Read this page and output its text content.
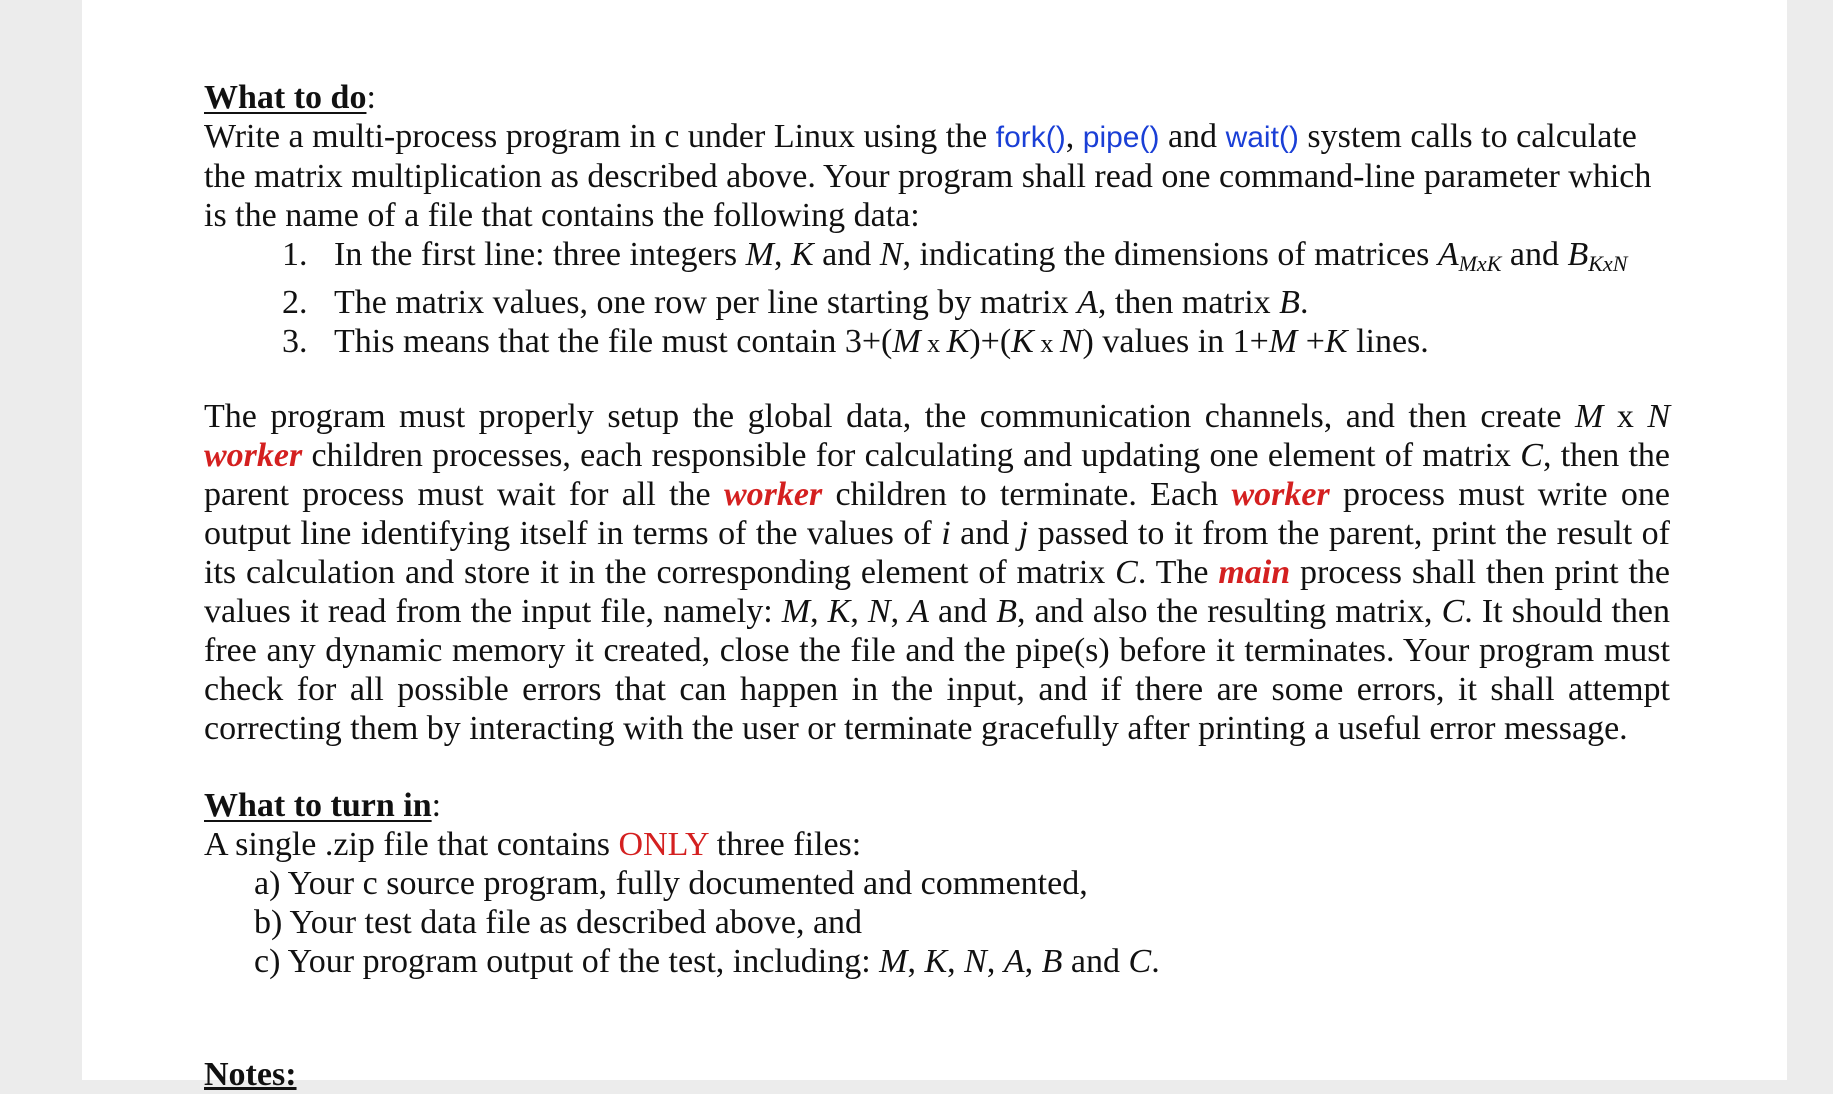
What to do:

Write a multi-process program in c under Linux using the fork(), pipe() and wait() system calls to calculate the matrix multiplication as described above. Your program shall read one command-line parameter which is the name of a file that contains the following data:

1. In the first line: three integers M, K and N, indicating the dimensions of matrices $A_{MxK}$ and $B_{KxN}$
2. The matrix values, one row per line starting by matrix A, then matrix B.
3. This means that the file must contain 3+(M x K)+(K x N) values in 1+M +K lines.

The program must properly setup the global data, the communication channels, and then create M x N worker children processes, each responsible for calculating and updating one element of matrix C, then the parent process must wait for all the worker children to terminate. Each worker process must write one output line identifying itself in terms of the values of i and j passed to it from the parent, print the result of its calculation and store it in the corresponding element of matrix C. The main process shall then print the values it read from the input file, namely: M, K, N, A and B, and also the resulting matrix, C. It should then free any dynamic memory it created, close the file and the pipe(s) before it terminates. Your program must check for all possible errors that can happen in the input, and if there are some errors, it shall attempt correcting them by interacting with the user or terminate gracefully after printing a useful error message.

What to turn in:

A single .zip file that contains ONLY three files:

a) Your c source program, fully documented and commented,
b) Your test data file as described above, and
c) Your program output of the test, including: M, K, N, A, B and C.
Notes:
